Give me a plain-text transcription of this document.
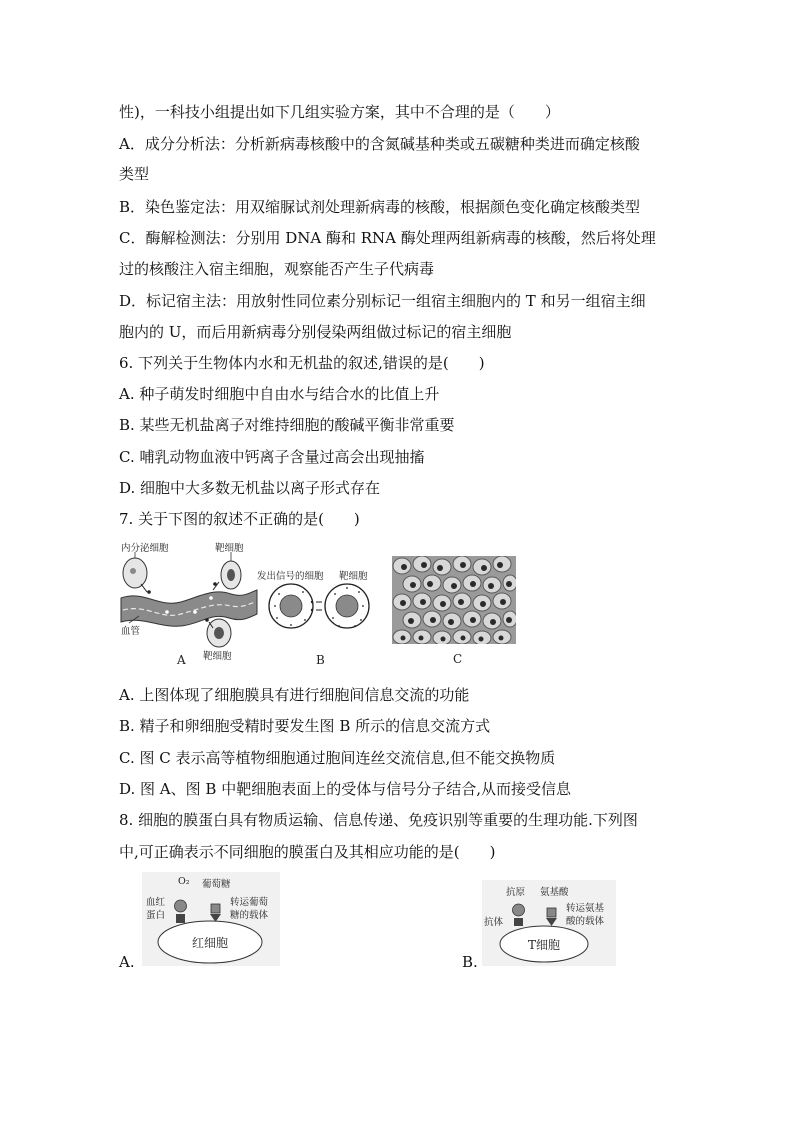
性)，一科技小组提出如下几组实验方案，其中不合理的是（　　）
A．成分分析法：分析新病毒核酸中的含氮碱基种类或五碳糖种类进而确定核酸
类型
B．染色鉴定法：用双缩脲试剂处理新病毒的核酸，根据颜色变化确定核酸类型
C．酶解检测法：分别用 DNA 酶和 RNA 酶处理两组新病毒的核酸，然后将处理
过的核酸注入宿主细胞，观察能否产生子代病毒
D．标记宿主法：用放射性同位素分别标记一组宿主细胞内的 T 和另一组宿主细
胞内的 U，而后用新病毒分别侵染两组做过标记的宿主细胞
6. 下列关于生物体内水和无机盐的叙述,错误的是(　　)
A. 种子萌发时细胞中自由水与结合水的比值上升
B. 某些无机盐离子对维持细胞的酸碱平衡非常重要
C. 哺乳动物血液中钙离子含量过高会出现抽搐
D. 细胞中大多数无机盐以离子形式存在
7. 关于下图的叙述不正确的是(　　)
内分泌细胞	靶细胞
血管
靶细胞
A
发出信号的细胞 靶细胞
B	C
A. 上图体现了细胞膜具有进行细胞间信息交流的功能
B. 精子和卵细胞受精时要发生图 B 所示的信息交流方式
C. 图 C 表示高等植物细胞通过胞间连丝交流信息,但不能交换物质
D. 图 A、图 B 中靶细胞表面上的受体与信号分子结合,从而接受信息
8. 细胞的膜蛋白具有物质运输、信息传递、免疫识别等重要的生理功能.下列图
中,可正确表示不同细胞的膜蛋白及其相应功能的是(　　)
A.
O₂ 葡萄糖
血红
蛋白
转运葡萄
糖的载体
红细胞
B.
抗原 氨基酸
抗体
转运氨基
酸的载体
T细胞
